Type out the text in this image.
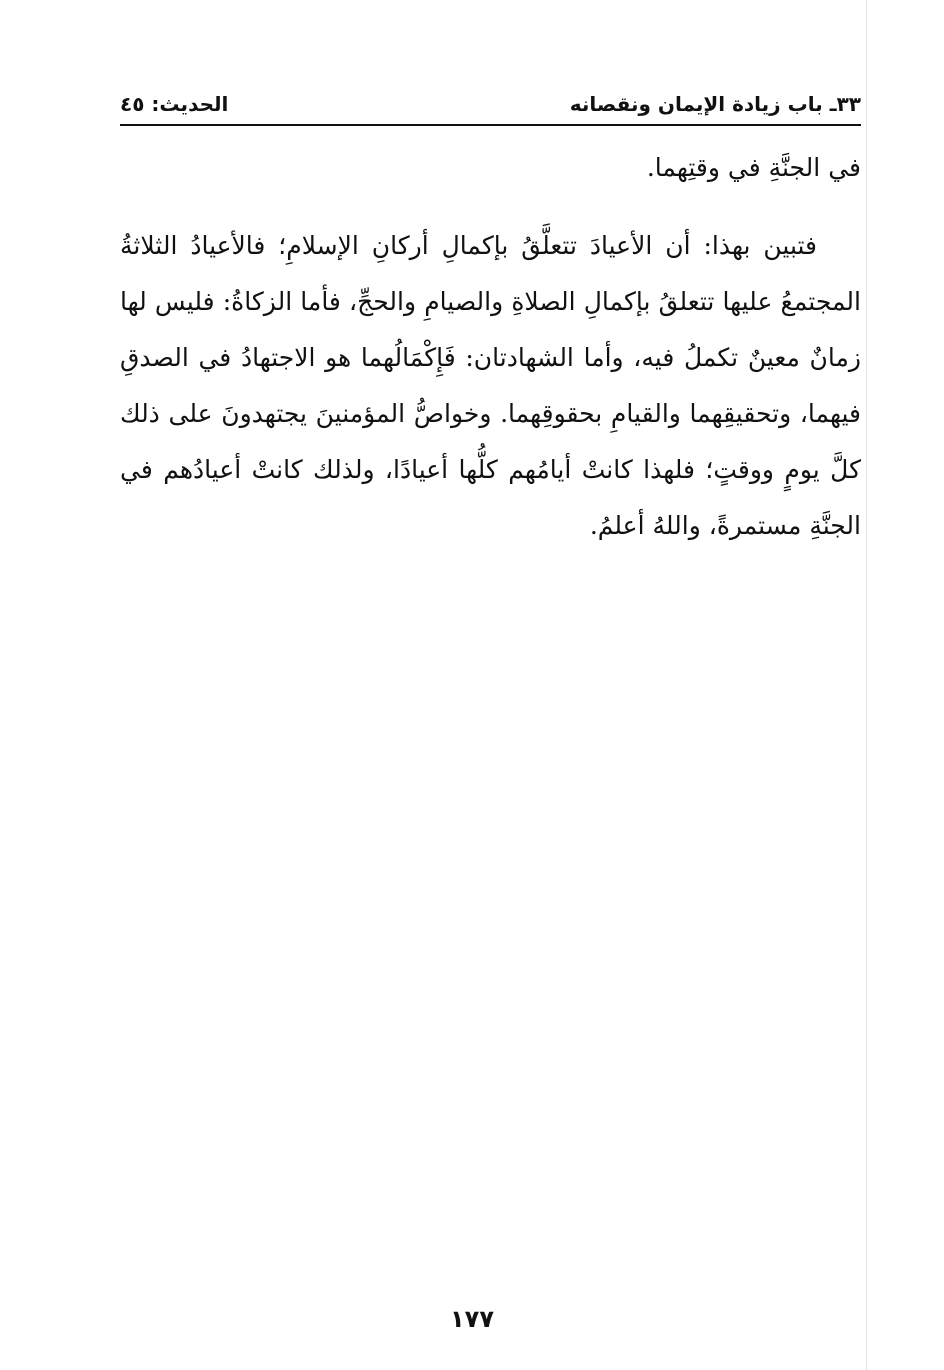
٣٣ـ باب زيادة الإيمان ونقصانه
الحديث: ٤٥

في الجنَّةِ في وقتِهما.

فتبين بهذا: أن الأعيادَ تتعلَّقُ بإكمالِ أركانِ الإسلامِ؛ فالأعيادُ الثلاثةُ المجتمعُ عليها تتعلقُ بإكمالِ الصلاةِ والصيامِ والحجِّ، فأما الزكاةُ: فليس لها زمانٌ معينٌ تكملُ فيه، وأما الشهادتان: فَإِكْمَالُهما هو الاجتهادُ في الصدقِ فيهما، وتحقيقِهما والقيامِ بحقوقِهما. وخواصُّ المؤمنينَ يجتهدونَ على ذلك كلَّ يومٍ ووقتٍ؛ فلهذا كانتْ أيامُهم كلُّها أعيادًا، ولذلك كانتْ أعيادُهم في الجنَّةِ مستمرةً، واللهُ أعلمُ.

١٧٧
